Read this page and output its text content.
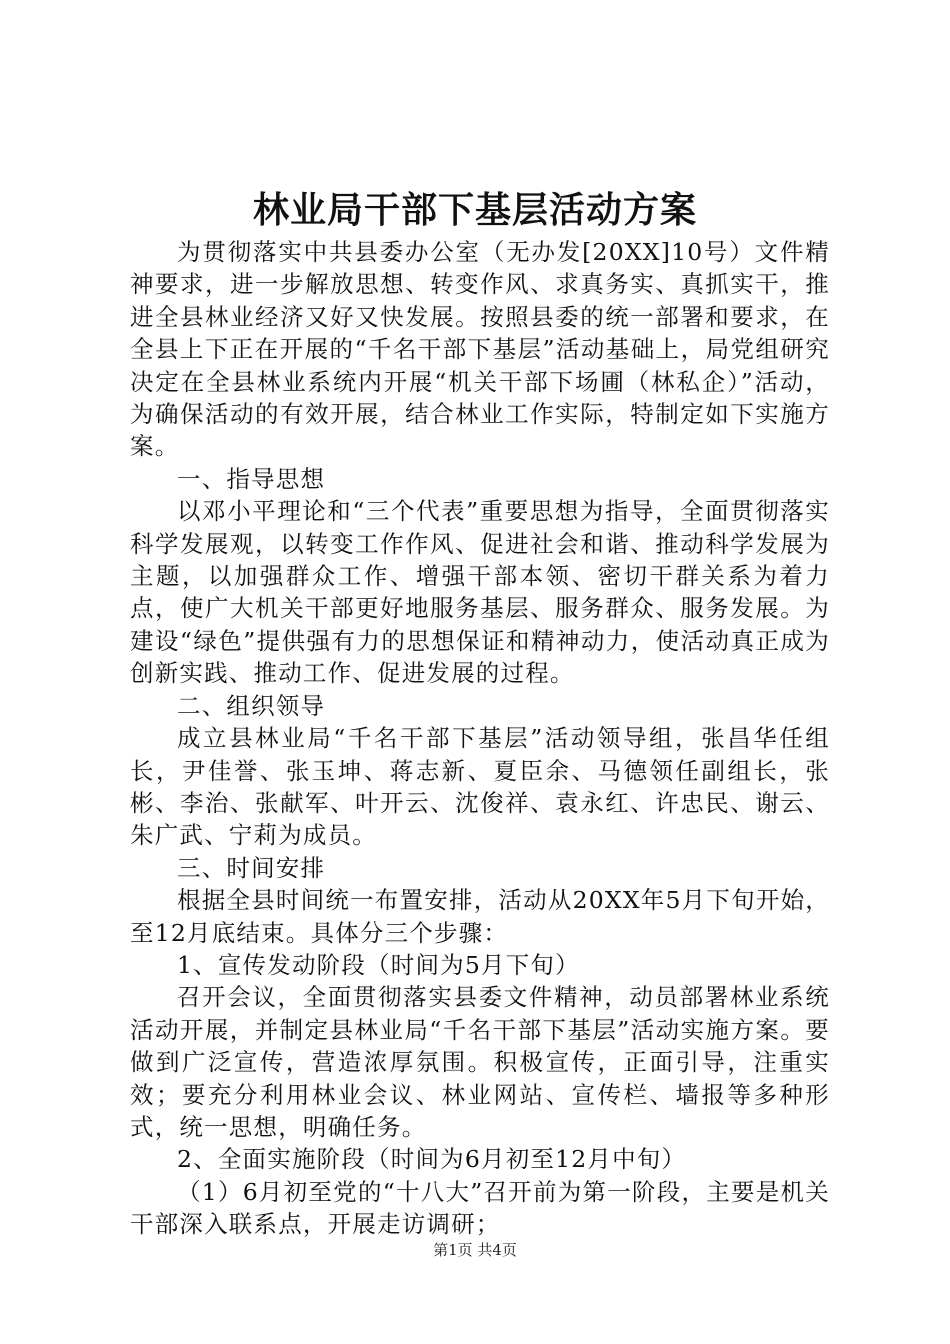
林业局干部下基层活动方案

为贯彻落实中共县委办公室（无办发[20XX]10号）文件精神要求，进一步解放思想、转变作风、求真务实、真抓实干，推进全县林业经济又好又快发展。按照县委的统一部署和要求，在全县上下正在开展的“千名干部下基层”活动基础上，局党组研究决定在全县林业系统内开展“机关干部下场圃（林私企）”活动，为确保活动的有效开展，结合林业工作实际，特制定如下实施方案。

一、指导思想

以邓小平理论和“三个代表”重要思想为指导，全面贯彻落实科学发展观，以转变工作作风、促进社会和谐、推动科学发展为主题，以加强群众工作、增强干部本领、密切干群关系为着力点，使广大机关干部更好地服务基层、服务群众、服务发展。为建设“绿色”提供强有力的思想保证和精神动力，使活动真正成为创新实践、推动工作、促进发展的过程。

二、组织领导

成立县林业局“千名干部下基层”活动领导组，张昌华任组长，尹佳誉、张玉坤、蒋志新、夏臣余、马德领任副组长，张彬、李治、张献军、叶开云、沈俊祥、袁永红、许忠民、谢云、朱广武、宁莉为成员。

三、时间安排

根据全县时间统一布置安排，活动从20XX年5月下旬开始，至12月底结束。具体分三个步骤：

1、宣传发动阶段（时间为5月下旬）

召开会议，全面贯彻落实县委文件精神，动员部署林业系统活动开展，并制定县林业局“千名干部下基层”活动实施方案。要做到广泛宣传，营造浓厚氛围。积极宣传，正面引导，注重实效；要充分利用林业会议、林业网站、宣传栏、墙报等多种形式，统一思想，明确任务。

2、全面实施阶段（时间为6月初至12月中旬）

（1）6月初至党的“十八大”召开前为第一阶段，主要是机关干部深入联系点，开展走访调研；

第1页 共4页
